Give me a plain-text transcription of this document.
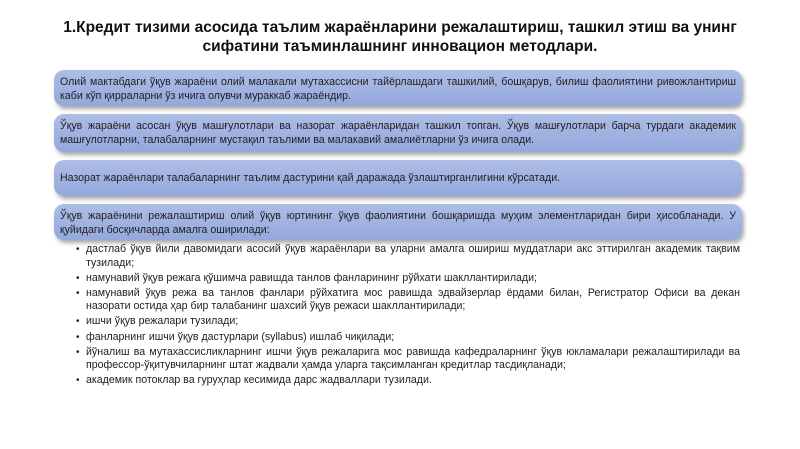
1.Кредит тизими асосида таълим жараёнларини режалаштириш, ташкил этиш ва унинг сифатини таъминлашнинг инновацион методлари.

Олий мактабдаги ўқув жараёни олий малакали мутахассисни тайёрлашдаги ташкилий, бошқарув, билиш фаолиятини ривожлантириш каби кўп қирраларни ўз ичига олувчи мураккаб жараёндир.

Ўқув жараёни асосан ўқув машғулотлари ва назорат жараёнларидан ташкил топган. Ўқув машғулотлари барча турдаги академик машғулотларни, талабаларнинг мустақил таълими ва малакавий амалиётларни ўз ичига олади.

Назорат жараёнлари талабаларнинг таълим дастурини қай даражада ўзлаштирганлигини кўрсатади.

Ўқув жараёнини режалаштириш олий ўқув юртининг ўқув фаолиятини бошқаришда муҳим элементларидан бири ҳисобланади. У қуйидаги босқичларда амалга оширилади:

• дастлаб ўқув йили давомидаги асосий ўқув жараёнлари ва уларни амалга ошириш муддатлари акс эттирилган академик тақвим тузилади;
• намунавий ўқув режага қўшимча равишда танлов фанларининг рўйхати шакллантирилади;
• намунавий ўқув режа ва танлов фанлари рўйхатига мос равишда эдвайзерлар ёрдами билан, Регистратор Офиси ва декан назорати остида ҳар бир талабанинг шахсий ўқув режаси шакллантирилади;
• ишчи ўқув режалари тузилади;
• фанларнинг ишчи ўқув дастурлари (syllabus) ишлаб чиқилади;
• йўналиш ва мутахассисликларнинг ишчи ўқув режаларига мос равишда кафедраларнинг ўқув юкламалари режалаштирилади ва профессор-ўқитувчиларнинг штат жадвали ҳамда уларга тақсимланган кредитлар тасдиқланади;
• академик потоклар ва гуруҳлар кесимида дарс жадваллари тузилади.
